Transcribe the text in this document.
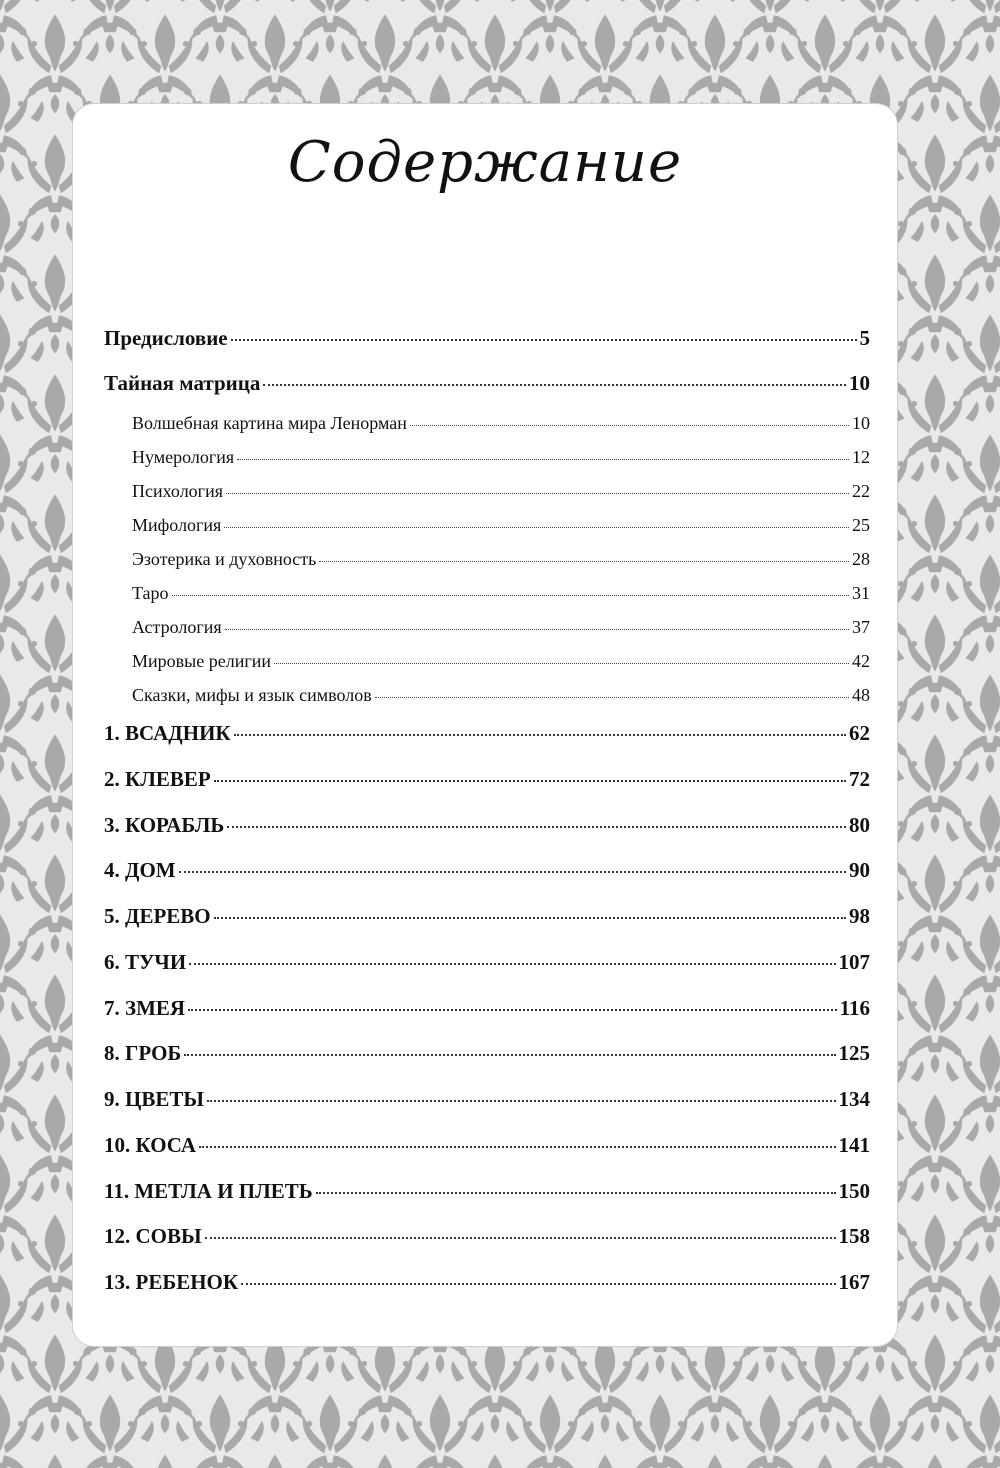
Содержание
Предисловие	5
Тайная матрица	10
Волшебная картина мира Ленорман	10
Нумерология	12
Психология	22
Мифология	25
Эзотерика и духовность	28
Таро	31
Астрология	37
Мировые религии	42
Сказки, мифы и язык символов	48
1. ВСАДНИК	62
2. КЛЕВЕР	72
3. КОРАБЛЬ	80
4. ДОМ	90
5. ДЕРЕВО	98
6. ТУЧИ	107
7. ЗМЕЯ	116
8. ГРОБ	125
9. ЦВЕТЫ	134
10. КОСА	141
11. МЕТЛА И ПЛЕТЬ	150
12. СОВЫ	158
13. РЕБЕНОК	167
